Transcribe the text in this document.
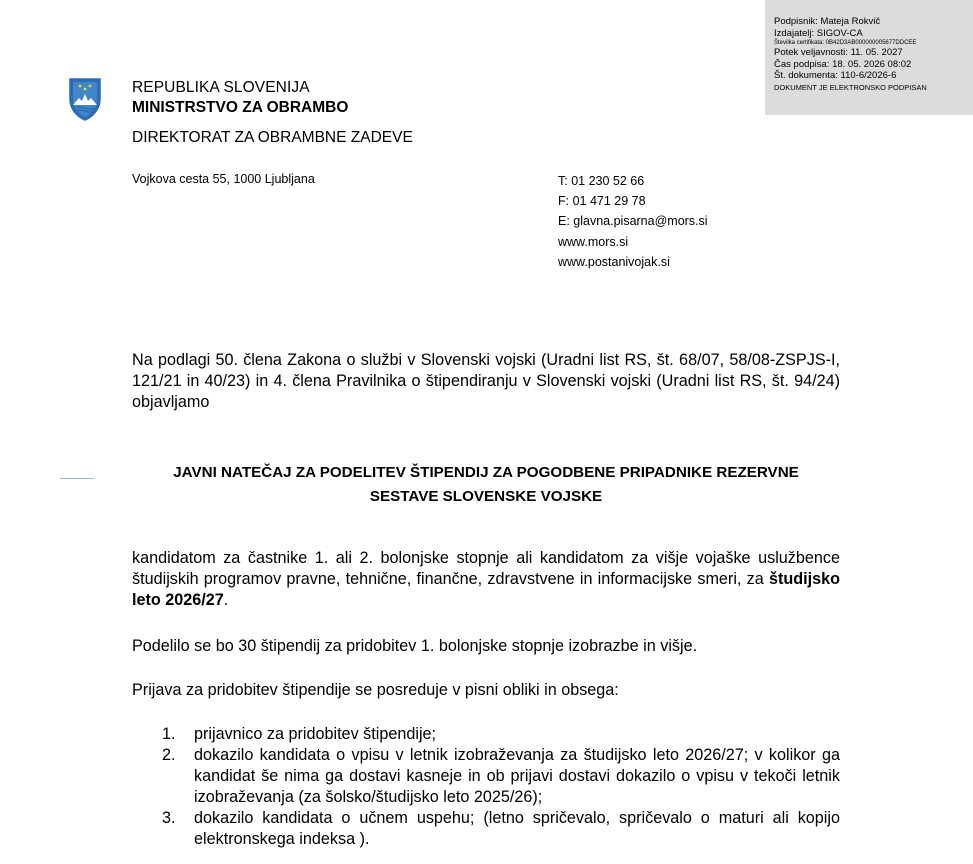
Podpisnik: Mateja Rokvič
Izdajatelj: SIGOV-CA
Številka certifikata: 0B42D3AB000000005677DDCEE
Potek veljavnosti: 11. 05. 2027
Čas podpisa: 18. 05. 2026 08:02
Št. dokumenta: 110-6/2026-6
DOKUMENT JE ELEKTRONSKO PODPISAN
REPUBLIKA SLOVENIJA
MINISTRSTVO ZA OBRAMBO
DIREKTORAT ZA OBRAMBNE ZADEVE
Vojkova cesta 55, 1000 Ljubljana	T: 01 230 52 66
F: 01 471 29 78
E: glavna.pisarna@mors.si
www.mors.si
www.postanivojak.si
Na podlagi 50. člena Zakona o službi v Slovenski vojski (Uradni list RS, št. 68/07, 58/08-ZSPJS-I, 121/21 in 40/23) in 4. člena Pravilnika o štipendiranju v Slovenski vojski (Uradni list RS, št. 94/24) objavljamo
JAVNI NATEČAJ ZA PODELITEV ŠTIPENDIJ ZA POGODBENE PRIPADNIKE REZERVNE
SESTAVE SLOVENSKE VOJSKE
kandidatom za častnike 1. ali 2. bolonjske stopnje ali kandidatom za višje vojaške uslužbence študijskih programov pravne, tehnične, finančne, zdravstvene in informacijske smeri, za študijsko leto 2026/27.
Podelilo se bo 30 štipendij za pridobitev 1. bolonjske stopnje izobrazbe in višje.
Prijava za pridobitev štipendije se posreduje v pisni obliki in obsega:
1. prijavnico za pridobitev štipendije;
2. dokazilo kandidata o vpisu v letnik izobraževanja za študijsko leto 2026/27; v kolikor ga kandidat še nima ga dostavi kasneje in ob prijavi dostavi dokazilo o vpisu v tekoči letnik izobraževanja (za šolsko/študijsko leto 2025/26);
3. dokazilo kandidata o učnem uspehu; (letno spričevalo, spričevalo o maturi ali kopijo elektronskega indeksa ).
